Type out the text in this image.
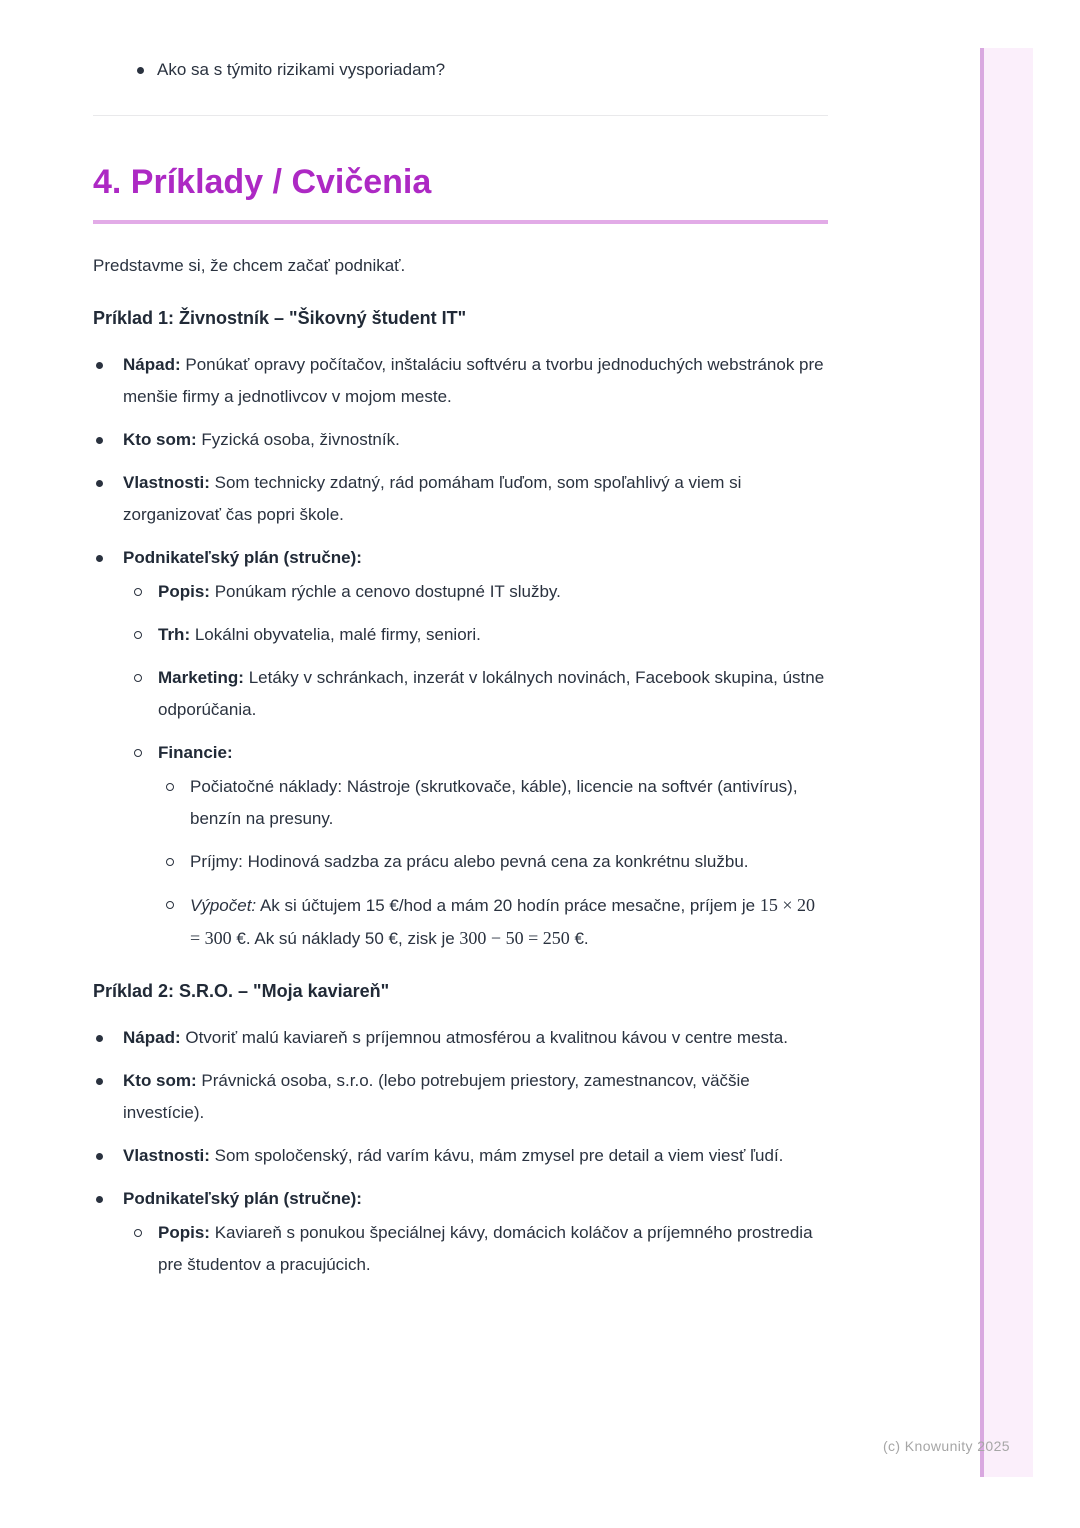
(c) Knowunity 2025
Ako sa s týmito rizikami vysporiadam?
4. Príklady / Cvičenia

Predstavme si, že chcem začať podnikať.

Príklad 1: Živnostník – "Šikovný študent IT"
Nápad: Ponúkať opravy počítačov, inštaláciu softvéru a tvorbu jednoduchých webstránok pre menšie firmy a jednotlivcov v mojom meste.
Kto som: Fyzická osoba, živnostník.
Vlastnosti: Som technicky zdatný, rád pomáham ľuďom, som spoľahlivý a viem si zorganizovať čas popri škole.
Podnikateľský plán (stručne):
Popis: Ponúkam rýchle a cenovo dostupné IT služby.
Trh: Lokálni obyvatelia, malé firmy, seniori.
Marketing: Letáky v schránkach, inzerát v lokálnych novinách, Facebook skupina, ústne odporúčania.
Financie:
Počiatočné náklady: Nástroje (skrutkovače, káble), licencie na softvér (antivírus), benzín na presuny.
Príjmy: Hodinová sadzba za prácu alebo pevná cena za konkrétnu službu.
Výpočet: Ak si účtujem 15 €/hod a mám 20 hodín práce mesačne, príjem je 15 × 20 = 300 €. Ak sú náklady 50 €, zisk je 300 − 50 = 250 €.
Príklad 2: S.R.O. – "Moja kaviareň"
Nápad: Otvoriť malú kaviareň s príjemnou atmosférou a kvalitnou kávou v centre mesta.
Kto som: Právnická osoba, s.r.o. (lebo potrebujem priestory, zamestnancov, väčšie investície).
Vlastnosti: Som spoločenský, rád varím kávu, mám zmysel pre detail a viem viesť ľudí.
Podnikateľský plán (stručne):
Popis: Kaviareň s ponukou špeciálnej kávy, domácich koláčov a príjemného prostredia pre študentov a pracujúcich.
